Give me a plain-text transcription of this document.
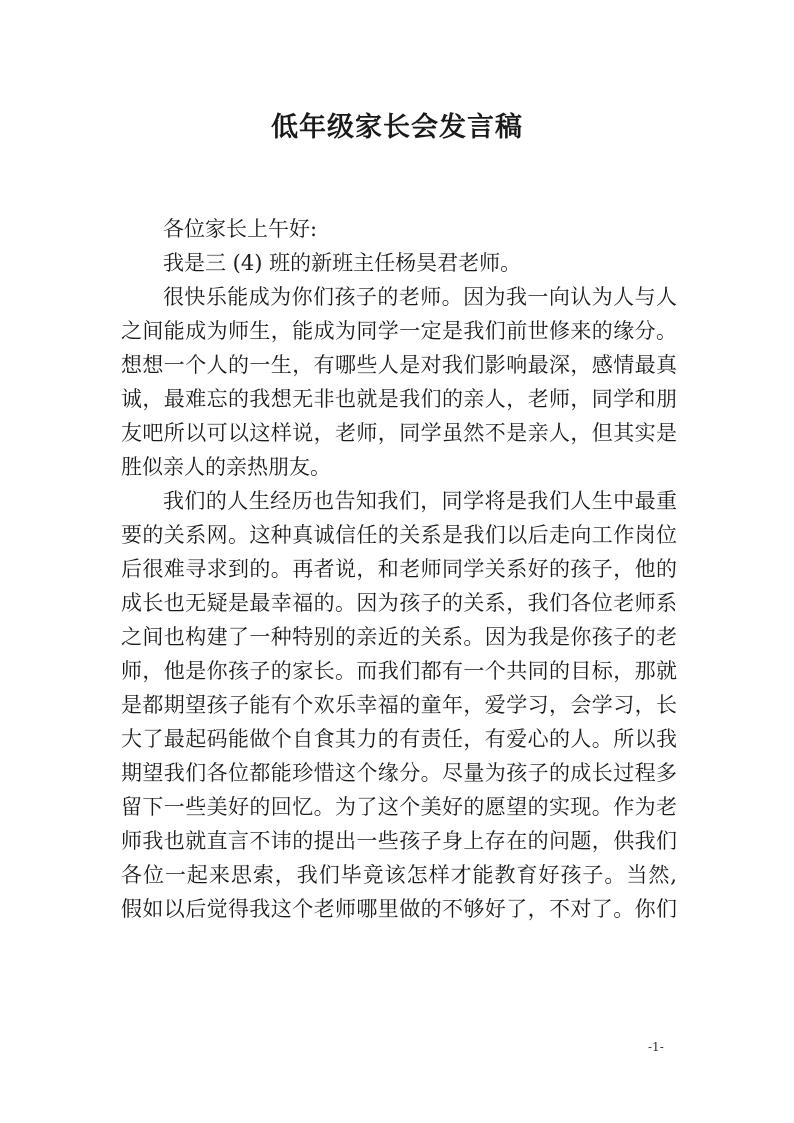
低年级家长会发言稿
各位家长上午好:
我是三 (4) 班的新班主任杨昊君老师。
很快乐能成为你们孩子的老师。因为我一向认为人与人
之间能成为师生，能成为同学一定是我们前世修来的缘分。
想想一个人的一生，有哪些人是对我们影响最深，感情最真
诚，最难忘的我想无非也就是我们的亲人，老师，同学和朋
友吧所以可以这样说，老师，同学虽然不是亲人，但其实是
胜似亲人的亲热朋友。
我们的人生经历也告知我们，同学将是我们人生中最重
要的关系网。这种真诚信任的关系是我们以后走向工作岗位
后很难寻求到的。再者说，和老师同学关系好的孩子，他的
成长也无疑是最幸福的。因为孩子的关系，我们各位老师系
之间也构建了一种特别的亲近的关系。因为我是你孩子的老
师，他是你孩子的家长。而我们都有一个共同的目标，那就
是都期望孩子能有个欢乐幸福的童年，爱学习，会学习，长
大了最起码能做个自食其力的有责任，有爱心的人。所以我
期望我们各位都能珍惜这个缘分。尽量为孩子的成长过程多
留下一些美好的回忆。为了这个美好的愿望的实现。作为老
师我也就直言不讳的提出一些孩子身上存在的问题，供我们
各位一起来思索，我们毕竟该怎样才能教育好孩子。当然,
假如以后觉得我这个老师哪里做的不够好了，不对了。你们
-1-
